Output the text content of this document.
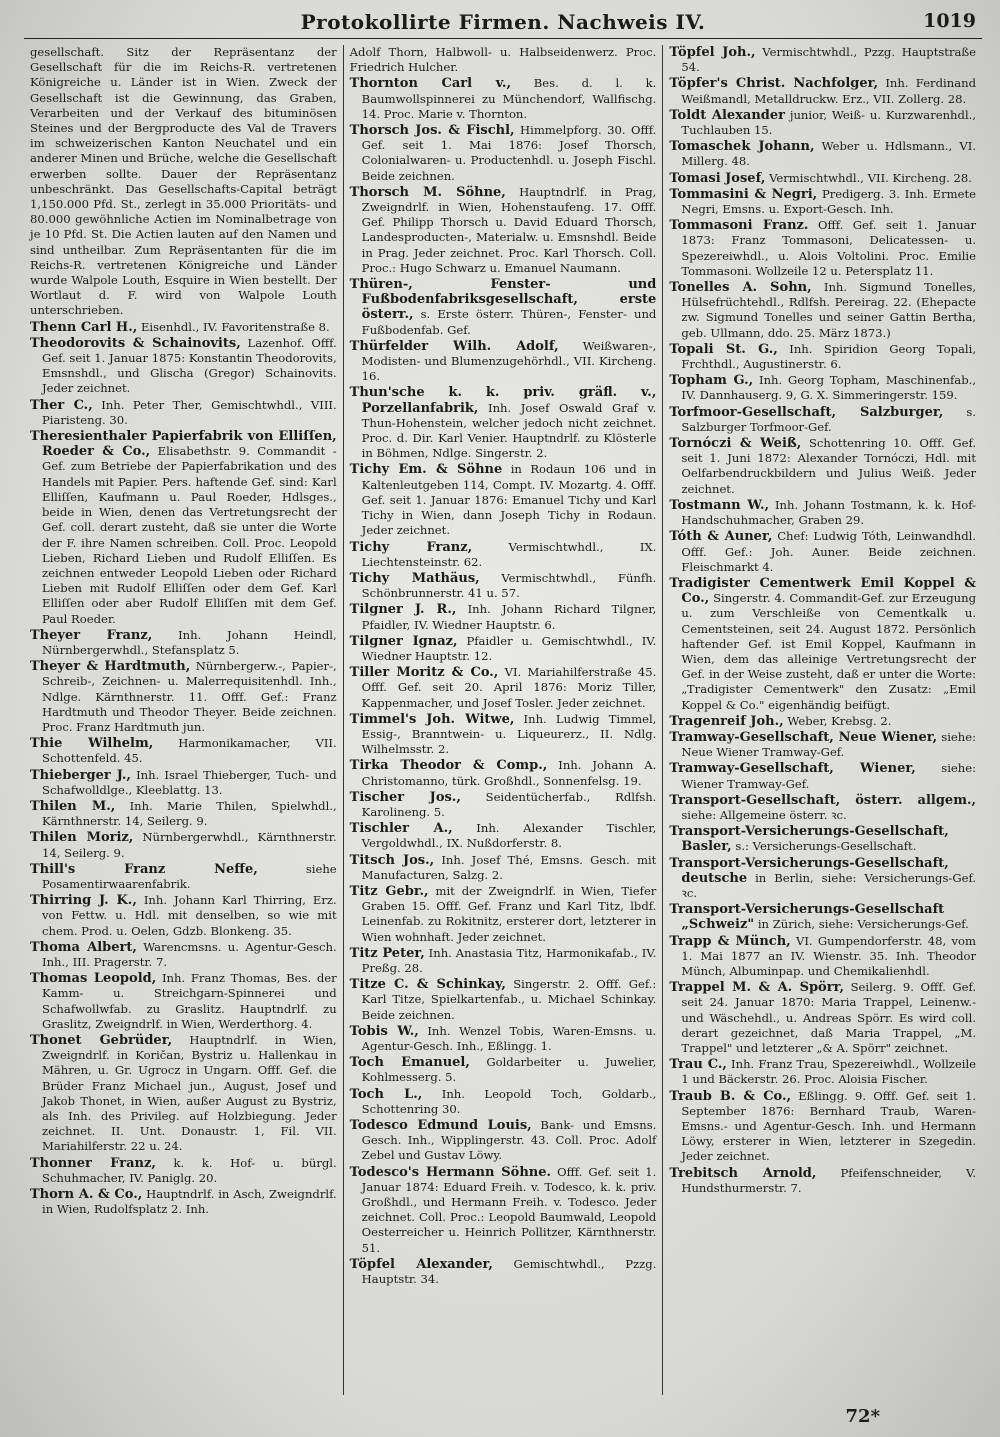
Protokollirte Firmen. Nachweis IV.	1019
gesellschaft. Sitz der Repräsentanz der Gesellschaft für die im Reichs-R. vertretenen Königreiche u. Länder ist in Wien. Zweck der Gesellschaft ist die Gewinnung, das Graben, Verarbeiten und der Verkauf des bituminösen Steines und der Bergproducte des Val de Travers im schweizerischen Kanton Neuchatel und ein anderer Minen und Brüche, welche die Gesellschaft erwerben sollte. Dauer der Repräsentanz unbeschränkt. Das Gesellschafts-Capital beträgt 1,150.000 Pfd. St., zerlegt in 35.000 Prioritäts- und 80.000 gewöhnliche Actien im Nominalbetrage von je 10 Pfd. St. Die Actien lauten auf den Namen und sind untheilbar. Zum Repräsentanten für die im Reichs-R. vertretenen Königreiche und Länder wurde Walpole Louth, Esquire in Wien bestellt. Der Wortlaut d. F. wird von Walpole Louth unterschrieben.

Thenn Carl H., Eisenhdl., IV. Favoritenstraße 8.

Theodorovits & Schainovits, Lazenhof. Offf. Gef. seit 1. Januar 1875: Konstantin Theodorovits, Emsnshdl., und Glischa (Gregor) Schainovits. Jeder zeichnet.

Ther C., Inh. Peter Ther, Gemischtwhdl., VIII. Piaristeng. 30.

Theresienthaler Papierfabrik von Elliſſen, Roeder & Co., Elisabethstr. 9. Commandit - Gef. zum Betriebe der Papierfabrikation und des Handels mit Papier. Pers. haftende Gef. sind: Karl Elliſſen, Kaufmann u. Paul Roeder, Hdlsges., beide in Wien, denen das Vertretungsrecht der Gef. coll. derart zusteht, daß sie unter die Worte der F. ihre Namen schreiben. Coll. Proc. Leopold Lieben, Richard Lieben und Rudolf Elliſſen. Es zeichnen entweder Leopold Lieben oder Richard Lieben mit Rudolf Elliſſen oder dem Gef. Karl Elliſſen oder aber Rudolf Elliſſen mit dem Gef. Paul Roeder.

Theyer Franz, Inh. Johann Heindl, Nürnbergerwhdl., Stefansplatz 5.

Theyer & Hardtmuth, Nürnbergerw.-, Papier-, Schreib-, Zeichnen- u. Malerrequisitenhdl. Inh., Ndlge. Kärnthnerstr. 11. Offf. Gef.: Franz Hardtmuth und Theodor Theyer. Beide zeichnen. Proc. Franz Hardtmuth jun.

Thie Wilhelm, Harmonikamacher, VII. Schottenfeld. 45.

Thieberger J., Inh. Israel Thieberger, Tuch- und Schafwolldlge., Kleeblattg. 13.

Thilen M., Inh. Marie Thilen, Spielwhdl., Kärnthnerstr. 14, Seilerg. 9.

Thilen Moriz, Nürnbergerwhdl., Kärnthnerstr. 14, Seilerg. 9.

Thill's Franz Neffe,	siehe Posamentirwaarenfabrik.

Thirring J. K., Inh. Johann Karl Thirring, Erz. von Fettw. u. Hdl. mit denselben, so wie mit chem. Prod. u. Oelen, Gdzb. Blonkeng. 35.

Thoma Albert, Warencmsns. u. Agentur-Gesch. Inh., III. Pragerstr. 7.

Thomas Leopold, Inh. Franz Thomas, Bes. der Kamm- u. Streichgarn-Spinnerei und Schafwollwfab. zu Graslitz. Hauptndrlf. zu Graslitz, Zweigndrlf. in Wien, Werderthorg. 4.

Thonet Gebrüder, Hauptndrlf. in Wien, Zweigndrlf. in Koričan, Bystriz u. Hallenkau in Mähren, u. Gr. Ugrocz in Ungarn. Offf. Gef. die Brüder Franz Michael jun., August, Josef und Jakob Thonet, in Wien, außer August zu Bystriz, als Inh. des Privileg. auf Holzbiegung. Jeder zeichnet. II. Unt. Donaustr. 1, Fil. VII. Mariahilferstr. 22 u. 24.

Thonner Franz, k. k. Hof- u. bürgl. Schuhmacher, IV. Paniglg. 20.

Thorn A. & Co., Hauptndrlf. in Asch, Zweigndrlf. in Wien, Rudolfsplatz 2. Inh.

Adolf Thorn, Halbwoll- u. Halbseidenwerz. Proc. Friedrich Hulcher.

Thornton Carl v., Bes. d. l. k. Baumwollspinnerei zu Münchendorf, Wallfischg. 14. Proc. Marie v. Thornton.

Thorsch Jos. & Fischl, Himmelpforg. 30. Offf. Gef. seit 1. Mai 1876: Josef Thorsch, Colonialwaren- u. Productenhdl. u. Joseph Fischl. Beide zeichnen.

Thorsch M. Söhne, Hauptndrlf. in Prag, Zweigndrlf. in Wien, Hohenstaufeng. 17. Offf. Gef. Philipp Thorsch u. David Eduard Thorsch, Landesproducten-, Materialw. u. Emsnshdl. Beide in Prag. Jeder zeichnet. Proc. Karl Thorsch. Coll. Proc.: Hugo Schwarz u. Emanuel Naumann.

Thüren-, Fenster- und Fußbodenfabriksgesellschaft, erste österr., s. Erste österr. Thüren-, Fenster- und Fußbodenfab. Gef.

Thürfelder Wilh. Adolf, Weißwaren-, Modisten- und Blumenzugehörhdl., VII. Kircheng. 16.

Thun'sche k. k. priv. gräfl. v., Porzellanfabrik, Inh. Josef Oswald Graf v. Thun-Hohenstein, welcher jedoch nicht zeichnet. Proc. d. Dir. Karl Venier. Hauptndrlf. zu Klösterle in Böhmen, Ndlge. Singerstr. 2.

Tichy Em. & Söhne in Rodaun 106 und in Kaltenleutgeben 114, Compt. IV. Mozartg. 4. Offf. Gef. seit 1. Januar 1876: Emanuel Tichy und Karl Tichy in Wien, dann Joseph Tichy in Rodaun. Jeder zeichnet.

Tichy Franz,	Vermischtwhdl., IX. Liechtensteinstr. 62.

Tichy Mathäus, Vermischtwhdl., Fünfh. Schönbrunnerstr. 41 u. 57.

Tilgner J. R., Inh. Johann Richard Tilgner, Pfaidler, IV. Wiedner Hauptstr. 6.

Tilgner Ignaz, Pfaidler u. Gemischtwhdl., IV. Wiedner Hauptstr. 12.

Tiller Moritz & Co., VI. Mariahilferstraße 45. Offf. Gef. seit 20. April 1876: Moriz Tiller, Kappenmacher, und Josef Tosler. Jeder zeichnet.

Timmel's Joh. Witwe, Inh. Ludwig Timmel, Essig-, Branntwein- u. Liqueurerz., II. Ndlg. Wilhelmsstr. 2.

Tirka Theodor & Comp., Inh. Johann A. Christomanno, türk. Großhdl., Sonnenfelsg. 19.

Tischer Jos., Seidentücherfab., Rdlfsh. Karolineng. 5.

Tischler A., Inh. Alexander Tischler, Vergoldwhdl., IX. Nußdorferstr. 8.

Titsch Jos., Inh. Josef Thé, Emsns. Gesch. mit Manufacturen, Salzg. 2.

Titz Gebr., mit der Zweigndrlf. in Wien, Tiefer Graben 15. Offf. Gef. Franz und Karl Titz, lbdf. Leinenfab. zu Rokitnitz, ersterer dort, letzterer in Wien wohnhaft. Jeder zeichnet.

Titz Peter, Inh. Anastasia Titz, Harmonikafab., IV. Preßg. 28.

Titze C. & Schinkay, Singerstr. 2. Offf. Gef.: Karl Titze, Spielkartenfab., u. Michael Schinkay. Beide zeichnen.

Tobis W., Inh. Wenzel Tobis, Waren-Emsns. u. Agentur-Gesch. Inh., Eßlingg. 1.

Toch Emanuel, Goldarbeiter u. Juwelier, Kohlmesserg. 5.

Toch L., Inh. Leopold Toch, Goldarb., Schottenring 30.

Todesco Edmund Louis, Bank- und Emsns. Gesch. Inh., Wipplingerstr. 43. Coll. Proc. Adolf Zebel und Gustav Löwy.

Todesco's Hermann Söhne. Offf. Gef. seit 1. Januar 1874: Eduard Freih. v. Todesco, k. k. priv. Großhdl., und Hermann Freih. v. Todesco. Jeder zeichnet. Coll. Proc.: Leopold Baumwald, Leopold Oesterreicher u. Heinrich Pollitzer, Kärnthnerstr. 51.

Töpfel Alexander, Gemischtwhdl., Pzzg. Hauptstr. 34.

Töpfel Joh., Vermischtwhdl., Pzzg. Hauptstraße 54.

Töpfer's Christ. Nachfolger, Inh. Ferdinand Weißmandl, Metalldruckw. Erz., VII. Zollerg. 28.

Toldt Alexander junior, Weiß- u. Kurzwarenhdl., Tuchlauben 15.

Tomaschek Johann, Weber u. Hdlsmann., VI. Millerg. 48.

Tomasi Josef, Vermischtwhdl., VII. Kircheng. 28.

Tommasini & Negri, Predigerg. 3. Inh. Ermete Negri, Emsns. u. Export-Gesch. Inh.

Tommasoni Franz. Offf. Gef. seit 1. Januar 1873: Franz Tommasoni, Delicatessen- u. Spezereiwhdl., u. Alois Voltolini. Proc. Emilie Tommasoni. Wollzeile 12 u. Petersplatz 11.

Tonelles A. Sohn, Inh. Sigmund Tonelles, Hülsefrüchtehdl., Rdlfsh. Pereirag. 22. (Ehepacte zw. Sigmund Tonelles und seiner Gattin Bertha, geb. Ullmann, ddo. 25. März 1873.)

Topali St. G., Inh. Spiridion Georg Topali, Frchthdl., Augustinerstr. 6.

Topham G., Inh. Georg Topham, Maschinenfab., IV. Dannhauserg. 9, G. X. Simmeringerstr. 159.

Torfmoor-Gesellschaft, Salzburger, s. Salzburger Torfmoor-Gef.

Tornóczi & Weiß, Schottenring 10. Offf. Gef. seit 1. Juni 1872: Alexander Tornóczi, Hdl. mit Oelfarbendruckbildern und Julius Weiß. Jeder zeichnet.

Tostmann W., Inh. Johann Tostmann, k. k. Hof-Handschuhmacher, Graben 29.

Tóth & Auner, Chef: Ludwig Tóth, Leinwandhdl. Offf. Gef.: Joh. Auner. Beide zeichnen. Fleischmarkt 4.

Tradigister Cementwerk Emil Koppel & Co., Singerstr. 4. Commandit-Gef. zur Erzeugung u. zum Verschleiße von Cementkalk u. Cementsteinen, seit 24. August 1872. Persönlich haftender Gef. ist Emil Koppel, Kaufmann in Wien, dem das alleinige Vertretungsrecht der Gef. in der Weise zusteht, daß er unter die Worte: „Tradigister Cementwerk" den Zusatz: „Emil Koppel & Co." eigenhändig beifügt.

Tragenreif Joh., Weber, Krebsg. 2.

Tramway-Gesellschaft, Neue Wiener, siehe: Neue Wiener Tramway-Gef.

Tramway-Gesellschaft, Wiener, siehe: Wiener Tramway-Gef.

Transport-Gesellschaft, österr. allgem., siehe: Allgemeine österr. ꝛc.

Transport-Versicherungs-Gesellschaft, Basler, s.: Versicherungs-Gesellschaft.

Transport-Versicherungs-Gesellschaft, deutsche in Berlin, siehe: Versicherungs-Gef. ꝛc.

Transport-Versicherungs-Gesellschaft „Schweiz" in Zürich, siehe: Versicherungs-Gef.

Trapp & Münch, VI. Gumpendorferstr. 48, vom 1. Mai 1877 an IV. Wienstr. 35. Inh. Theodor Münch, Albuminpap. und Chemikalienhdl.

Trappel M. & A. Spörr, Seilerg. 9. Offf. Gef. seit 24. Januar 1870: Maria Trappel, Leinenw.- und Wäschehdl., u. Andreas Spörr. Es wird coll. derart gezeichnet, daß Maria Trappel, „M. Trappel" und letzterer „& A. Spörr" zeichnet.

Trau C., Inh. Franz Trau, Spezereiwhdl., Wollzeile 1 und Bäckerstr. 26. Proc. Aloisia Fischer.

Traub B. & Co., Eßlingg. 9. Offf. Gef. seit 1. September 1876: Bernhard Traub, Waren-Emsns.- und Agentur-Gesch. Inh. und Hermann Löwy, ersterer in Wien, letzterer in Szegedin. Jeder zeichnet.

Trebitsch Arnold, Pfeifenschneider, V. Hundsthurmerstr. 7.

72*
